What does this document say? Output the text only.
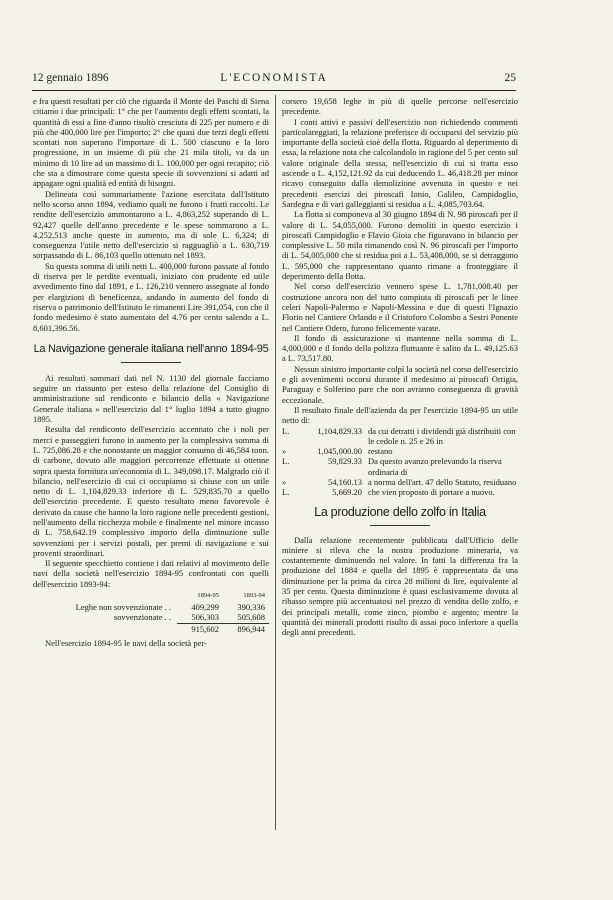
12 gennaio 1896	L'ECONOMISTA	25

e fra questi resultati per ciò che riguarda il Monte dei Paschi di Siena citiamo i due principali: 1° che per l'aumento degli effetti scontati, la quantità di essi a fine d'anno risultò cresciuta di 225 per numero e di più che 400,000 lire per l'importo; 2° che quasi due terzi degli effetti scontati non superano l'importare di L. 500 ciascuno e la loro progressione, in un insieme di più che 21 mila titoli, va da un minimo di 10 lire ad un massimo di L. 100,000 per ogni recapito; ciò che sta a dimostrare come questa specie di sovvenzioni si adatti ad appagare ogni qualità ed entità di bisogni.

Delineata così sommariamente l'azione esercitata dall'Istituto nello scorso anno 1894, vediamo quali ne furono i frutti raccolti. Le rendite dell'esercizio ammontarono a L. 4,863,252 superando di L. 92,427 quelle dell'anno precedente e le spese sommarono a L. 4,252,513 anche queste in aumento, ma di sole L. 6,324; di conseguenza l'utile netto dell'esercizio si ragguagliò a L. 630,719 sorpassando di L. 86,103 quello ottenuto nel 1893.

Su questa somma di utili netti L. 400,000 furono passate al fondo di riserva per le perdite eventuali, iniziato con prudente ed utile avvedimento fino dal 1891, e L. 126,210 vennero assegnate al fondo per elargizioni di beneficenza, andando in aumento del fondo di riserva o patrimonio dell'Istituto le rimanenti Lire 391,054, con che il fondo medesimo è stato aumentato del 4.76 per cento salendo a L. 8,601,396.56.

La Navigazione generale italiana nell'anno 1894-95

Ai resultati sommari dati nel N. 1130 del giornale facciamo seguire un riassunto per esteso della relazione del Consiglio di amministrazione sul rendiconto e bilancio della « Navigazione Generale italiana » nell'esercizio dal 1° luglio 1894 a tutto giugno 1895.

Resulta dal rendiconto dell'esercizio accennato che i noli per merci e passeggieri furono in aumento per la complessiva somma di L. 725,086.28 e che nonostante un maggior consumo di 46,584 tonn. di carbone, dovuto alle maggiori percorrenze effettuate si ottenne sopra questa fornitura un'economia di L. 349,098.17. Malgrado ciò il bilancio, nell'esercizio di cui ci occupiamo si chiuse con un utile netto di L. 1,104,829.33 inferiore di L. 529,835.70 a quello dell'esercizio precedente. E questo resultato meno favorevole è derivato da cause che hanno la loro ragione nelle precedenti gestioni, nell'aumento della ricchezza mobile e finalmente nel minore incasso di L. 758,642.19 complessivo importo della diminuzione sulle sovvenzioni per i servizi postali, per premi di navigazione e sui proventi straordinari.

Il seguente specchietto contiene i dati relativi al movimento delle navi della società nell'esercizio 1894-95 confrontati con quelli dell'esercizio 1893-94:

	1894-95	1893-94
Leghe non sovvenzionate . .	409,299	390,336
sovvenzionate . .	506,303	505,608
	915,602	896,944

Nell'esercizio 1894-95 le navi della società per-

corsero 19,658 leghe in più di quelle percorse nell'esercizio precedente.

I conti attivi e passivi dell'esercizio non richiedendo commenti particolareggiati, la relazione preferisce di occuparsi del servizio più importante della società cioè della flotta. Riguardo al deperimento di essa, la relazione nota che calcolandolo in ragione del 5 per cento sul valore originale della stessa, nell'esercizio di cui si tratta esso ascende a L. 4,152,121.92 da cui deducendo L. 46,418.28 per minor ricavo conseguito dalla demolizione avvenuta in questo e nei precedenti esercizi dei piroscafi Ionio, Galileo, Campidoglio, Sardegna e di vari galleggianti si residua a L. 4,085,703.64.

La flotta si componeva al 30 giugno 1894 di N. 98 piroscafi per il valore di L. 54,055,000. Furono demoliti in questo esercizio i piroscafi Campidoglio e Flavio Gioia che figuravano in bilancio per complessive L. 50 mila rimanendo così N. 96 piroscafi per l'importo di L. 54,005,000 che si residua poi a L. 53,408,000, se si detraggono L. 595,000 che rappresentano quanto rimane a fronteggiare il deperimento della flotta.

Nel corso dell'esercizio vennero spese L. 1,781,008.40 per costruzione ancora non del tutto compiuta di piroscafi per le linee celeri Napoli-Palermo e Napoli-Messina e due di questi l'Ignazio Florio nel Cantiere Orlando e il Cristoforo Colombo a Sestri Ponente nel Cantiere Odero, furono felicemente varate.

Il fondo di assicurazione si mantenne nella somma di L. 4,000,000 e il fondo della polizza fluttuante è salito da L. 49,125.63 a L. 73,517.80.

Nessun sinistro importante colpì la società nel corso dell'esercizio e gli avvenimenti occorsi durante il medesimo ai piroscafi Ortigia, Paraguay e Solferino pare che non avranno conseguenza di gravità eccezionale.

Il resultato finale dell'azienda da per l'esercizio 1894-95 un utile netto di:

L.	1,104,829.33	da cui detratti i dividendi già distribuiti con le cedole n. 25 e 26 in
»	1,045,000.00	restano
L.	59,829.33	Da questo avanzo prelevando la riserva ordinaria di
»	54,160.13	a norma dell'art. 47 dello Statuto, residuano
L.	5,669.20	che vien proposto di portare a nuovo.
La produzione dello zolfo in Italia

Dalla relazione recentemente pubblicata dall'Ufficio delle miniere si rileva che la nostra produzione mineraria, va costantemente diminuendo nel valore. In fatti la differenza fra la produzione del 1884 e quella del 1895 è rappresentata da una diminuzione per la prima da circa 28 milioni di lire, equivalente al 35 per cento. Questa diminuzione è quasi esclusivamente dovuta al ribasso sempre più accentuatosi nel prezzo di vendita dello zolfo, e dei principali metalli, come zinco, piombo e argento; mentre la quantità dei minerali prodotti risulto di assai poco inferiore a quella degli anni precedenti.
